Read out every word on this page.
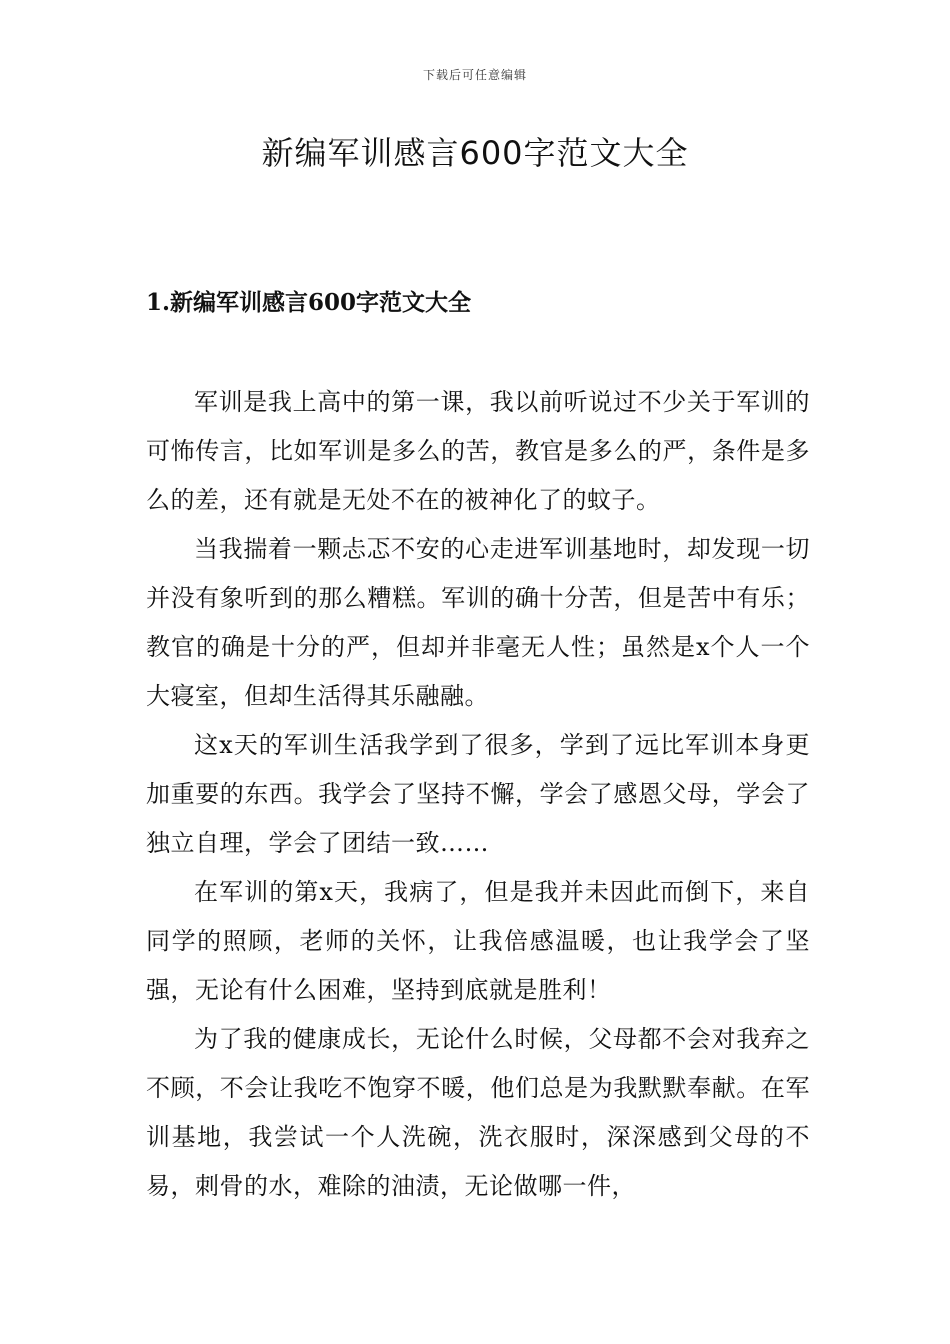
下载后可任意编辑
新编军训感言600字范文大全
1.新编军训感言600字范文大全

军训是我上高中的第一课，我以前听说过不少关于军训的可怖传言，比如军训是多么的苦，教官是多么的严，条件是多么的差，还有就是无处不在的被神化了的蚊子。

当我揣着一颗忐忑不安的心走进军训基地时，却发现一切并没有象听到的那么糟糕。军训的确十分苦，但是苦中有乐；教官的确是十分的严，但却并非毫无人性；虽然是x个人一个大寝室，但却生活得其乐融融。

这x天的军训生活我学到了很多，学到了远比军训本身更加重要的东西。我学会了坚持不懈，学会了感恩父母，学会了独立自理，学会了团结一致……

在军训的第x天，我病了，但是我并未因此而倒下，来自同学的照顾，老师的关怀，让我倍感温暖，也让我学会了坚强，无论有什么困难，坚持到底就是胜利！

为了我的健康成长，无论什么时候，父母都不会对我弃之不顾，不会让我吃不饱穿不暖，他们总是为我默默奉献。在军训基地，我尝试一个人洗碗，洗衣服时，深深感到父母的不易，刺骨的水，难除的油渍，无论做哪一件，
